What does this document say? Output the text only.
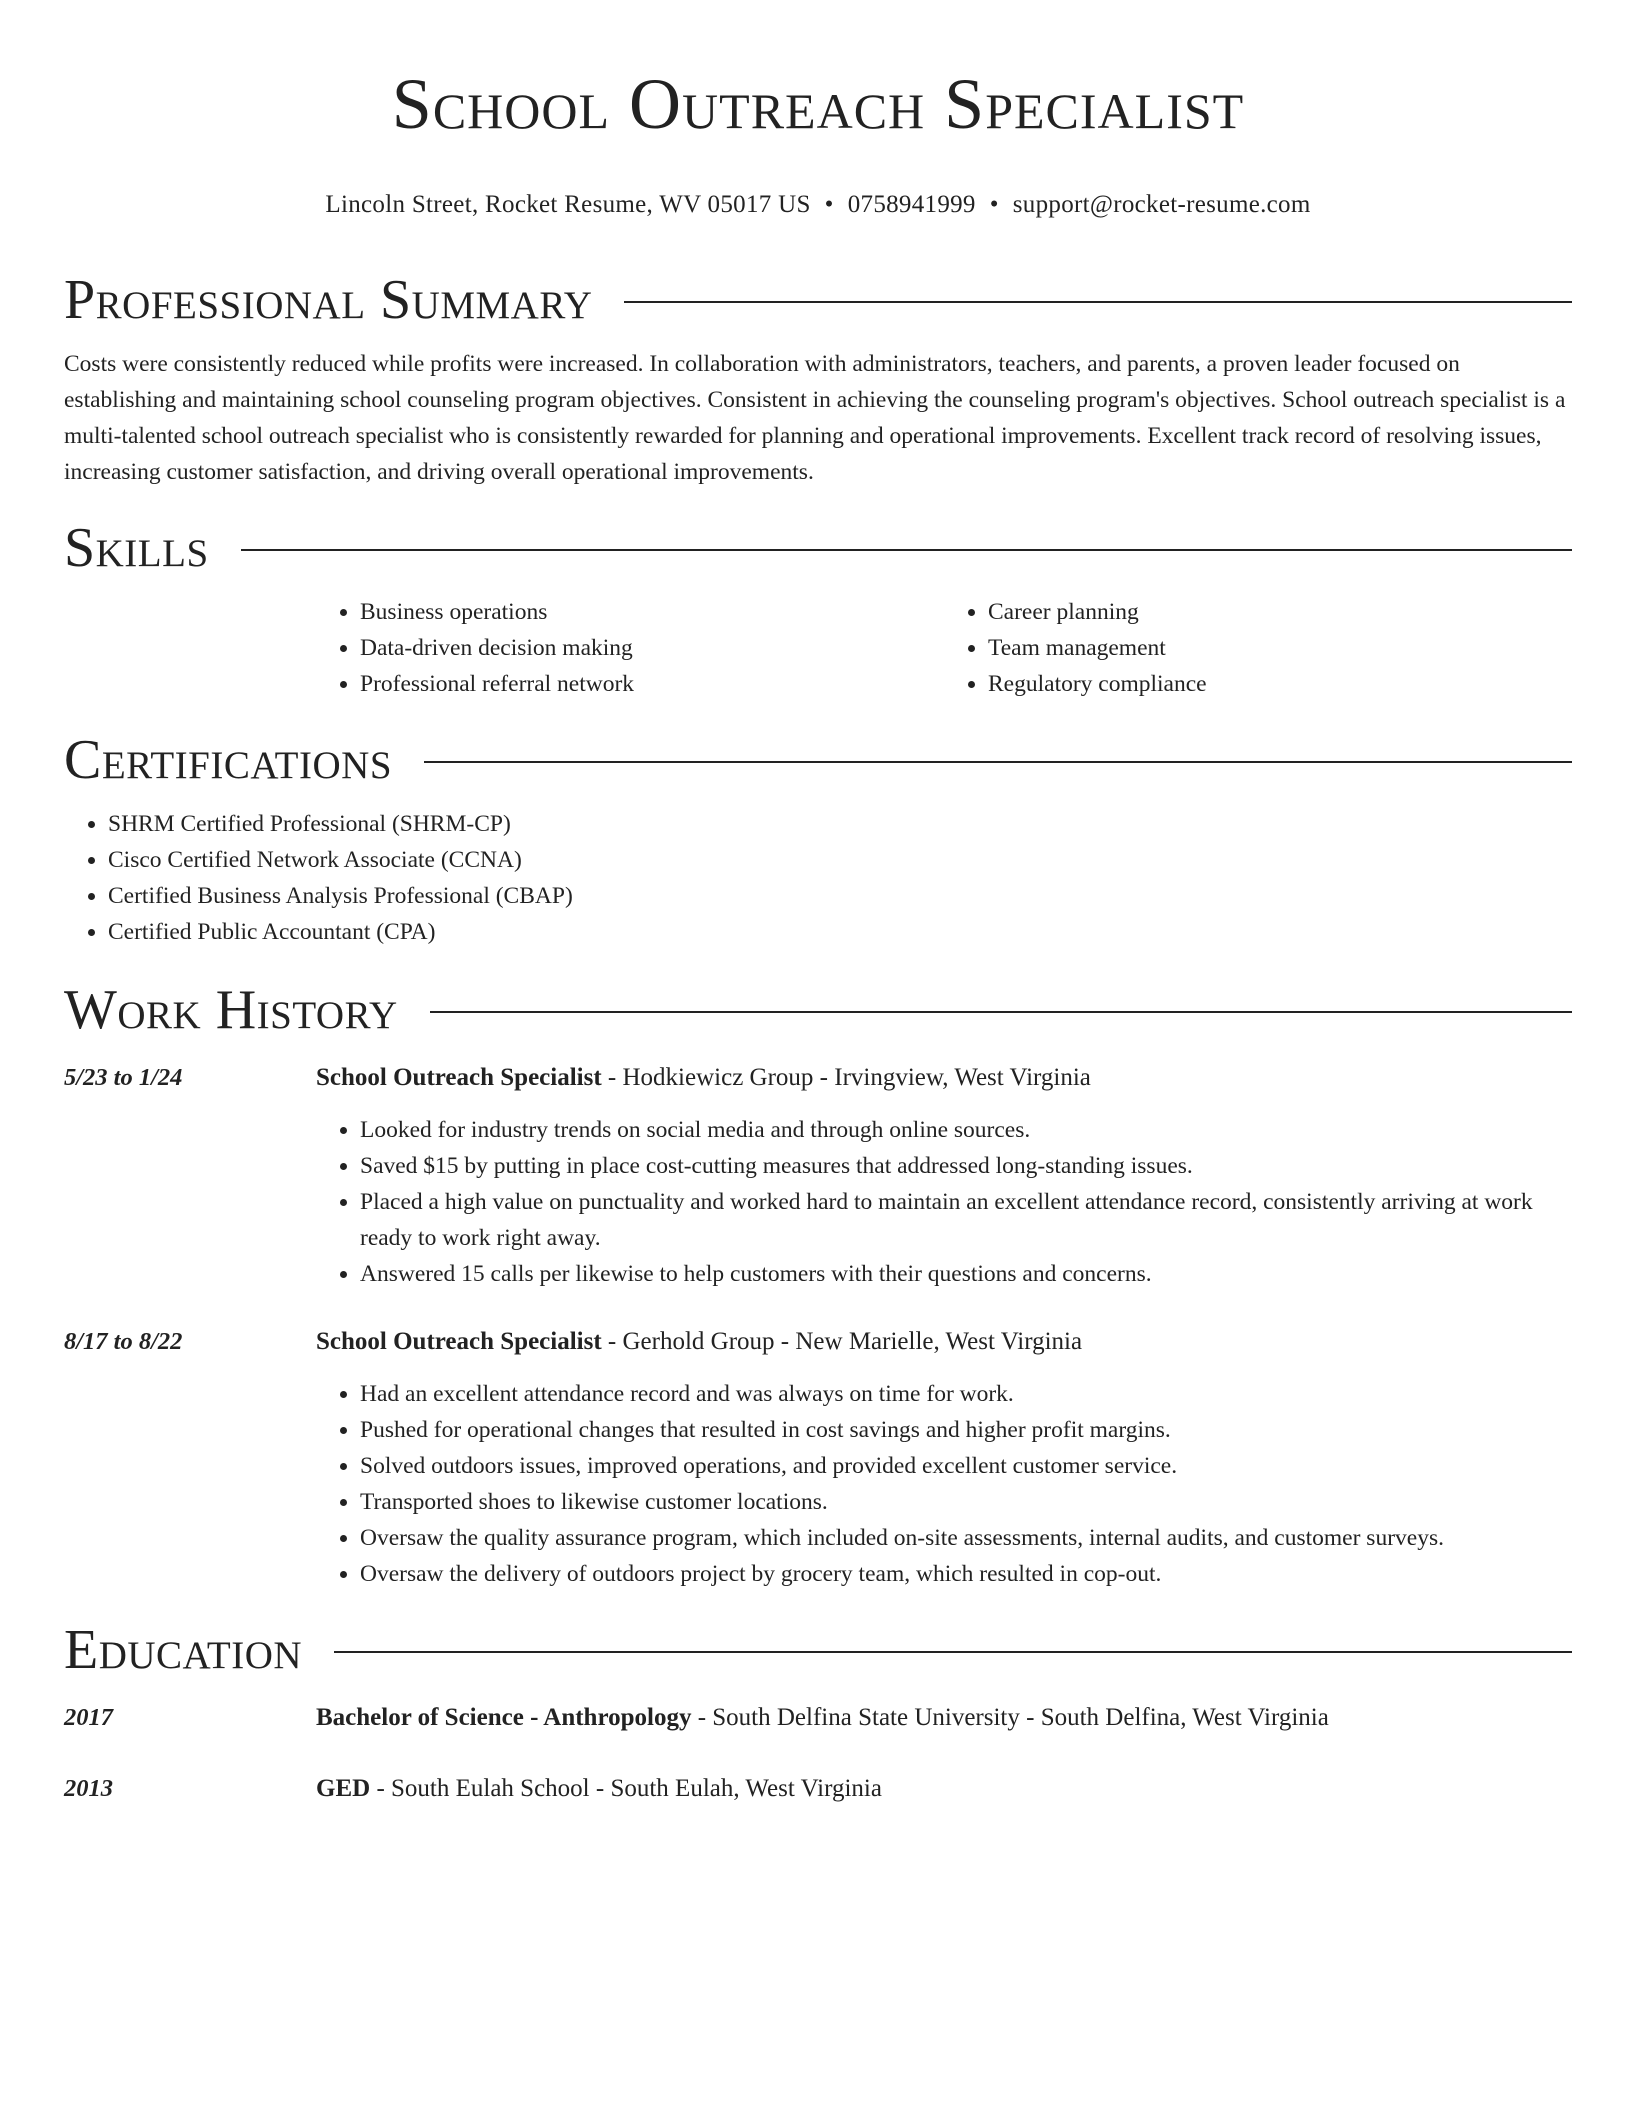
School Outreach Specialist
Lincoln Street, Rocket Resume, WV 05017 US • 0758941999 • support@rocket-resume.com
Professional Summary

Costs were consistently reduced while profits were increased. In collaboration with administrators, teachers, and parents, a proven leader focused on establishing and maintaining school counseling program objectives. Consistent in achieving the counseling program's objectives. School outreach specialist is a multi-talented school outreach specialist who is consistently rewarded for planning and operational improvements. Excellent track record of resolving issues, increasing customer satisfaction, and driving overall operational improvements.

Skills
• Business operations
• Data-driven decision making
• Professional referral network
• Career planning
• Team management
• Regulatory compliance
Certifications
• SHRM Certified Professional (SHRM-CP)
• Cisco Certified Network Associate (CCNA)
• Certified Business Analysis Professional (CBAP)
• Certified Public Accountant (CPA)
Work History
5/23 to 1/24	School Outreach Specialist - Hodkiewicz Group - Irvingview, West Virginia
• Looked for industry trends on social media and through online sources.
• Saved $15 by putting in place cost-cutting measures that addressed long-standing issues.
• Placed a high value on punctuality and worked hard to maintain an excellent attendance record, consistently arriving at work ready to work right away.
• Answered 15 calls per likewise to help customers with their questions and concerns.
8/17 to 8/22	School Outreach Specialist - Gerhold Group - New Marielle, West Virginia
• Had an excellent attendance record and was always on time for work.
• Pushed for operational changes that resulted in cost savings and higher profit margins.
• Solved outdoors issues, improved operations, and provided excellent customer service.
• Transported shoes to likewise customer locations.
• Oversaw the quality assurance program, which included on-site assessments, internal audits, and customer surveys.
• Oversaw the delivery of outdoors project by grocery team, which resulted in cop-out.
Education
2017	Bachelor of Science - Anthropology - South Delfina State University - South Delfina, West Virginia
2013	GED - South Eulah School - South Eulah, West Virginia
